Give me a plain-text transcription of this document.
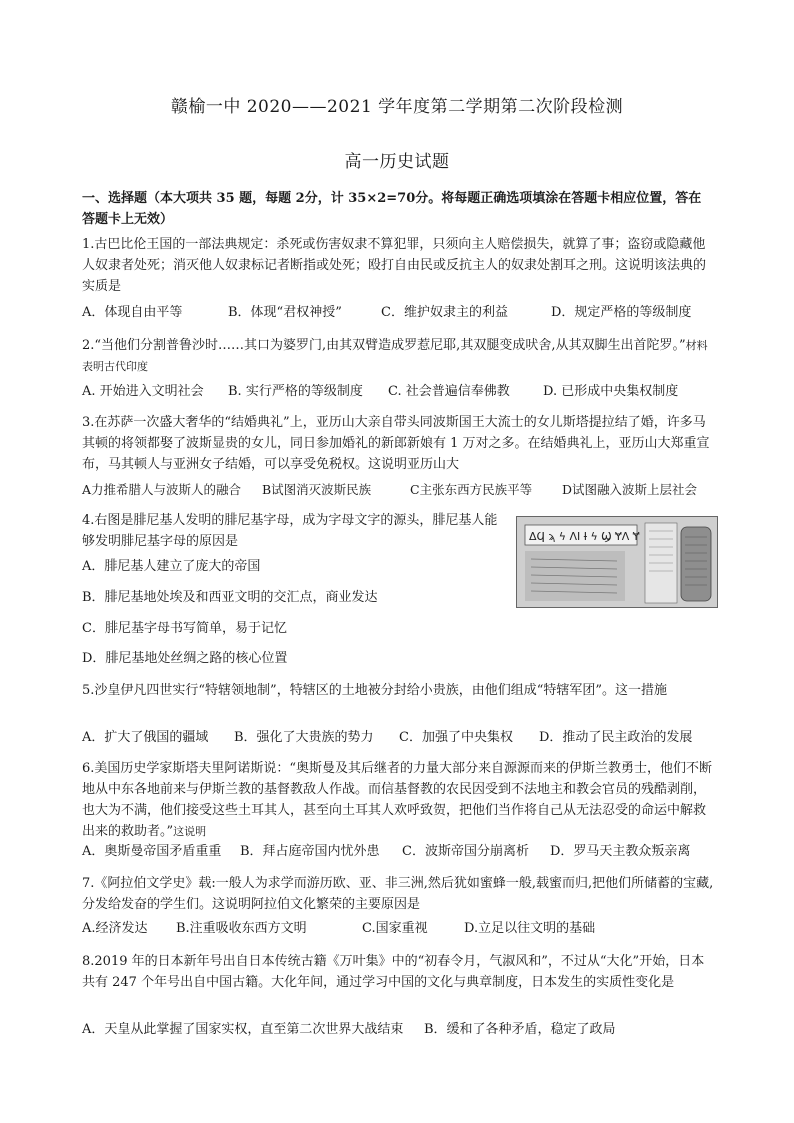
赣榆一中 2020——2021 学年度第二学期第二次阶段检测
高一历史试题
一、选择题（本大项共 35 题，每题 2分，计 35×2=70分。将每题正确选项填涂在答题卡相应位置，答在答题卡上无效）
1.古巴比伦王国的一部法典规定：杀死或伤害奴隶不算犯罪，只须向主人赔偿损失，就算了事；盗窃或隐藏他人奴隶者处死；消灭他人奴隶标记者断指或处死；殴打自由民或反抗主人的奴隶处割耳之刑。这说明该法典的实质是
A．体现自由平等	B．体现“君权神授”	C．维护奴隶主的利益	D．规定严格的等级制度
2.“当他们分割普鲁沙时……其口为婆罗门,由其双臂造成罗惹尼耶,其双腿变成吠舍,从其双脚生出首陀罗。”材料表明古代印度
A. 开始进入文明社会	B. 实行严格的等级制度	C. 社会普遍信奉佛教	D. 已形成中央集权制度
3.在苏萨一次盛大奢华的“结婚典礼”上，亚历山大亲自带头同波斯国王大流士的女儿斯塔提拉结了婚，许多马其顿的将领都娶了波斯显贵的女儿，同日参加婚礼的新郎新娘有 1 万对之多。在结婚典礼上，亚历山大郑重宣布，马其顿人与亚洲女子结婚，可以享受免税权。这说明亚历山大
A力推希腊人与波斯人的融合	B试图消灭波斯民族	C主张东西方民族平等	D试图融入波斯上层社会
4.右图是腓尼基人发明的腓尼基字母，成为字母文字的源头，腓尼基人能够发明腓尼基字母的原因是
A．腓尼基人建立了庞大的帝国
B．腓尼基地处埃及和西亚文明的交汇点，商业发达
C．腓尼基字母书写简单，易于记忆
D．腓尼基地处丝绸之路的核心位置
ΔϤ ϡ ϟ ΛΙ Ɨ ϟ Ϣ ɎΛ Ɏ
5.沙皇伊凡四世实行“特辖领地制”，特辖区的土地被分封给小贵族，由他们组成“特辖军团”。这一措施
A．扩大了俄国的疆域	B．强化了大贵族的势力	C．加强了中央集权	D．推动了民主政治的发展
6.美国历史学家斯塔夫里阿诺斯说：“奥斯曼及其后继者的力量大部分来自源源而来的伊斯兰教勇士，他们不断地从中东各地前来与伊斯兰教的基督教敌人作战。而信基督教的农民因受到不法地主和教会官员的残酷剥削，也大为不满，他们接受这些土耳其人，甚至向土耳其人欢呼致贺，把他们当作将自己从无法忍受的命运中解救出来的救助者。”这说明
A．奥斯曼帝国矛盾重重	B．拜占庭帝国内忧外患	C．波斯帝国分崩离析	D．罗马天主教众叛亲离
7.《阿拉伯文学史》载:一般人为求学而游历欧、亚、非三洲,然后犹如蜜蜂一般,载蜜而归,把他们所储蓄的宝藏,分发给发奋的学生们。这说明阿拉伯文化繁荣的主要原因是
A.经济发达	B.注重吸收东西方文明	C.国家重视	D.立足以往文明的基础
8.2019 年的日本新年号出自日本传统古籍《万叶集》中的“初春令月，气淑风和”，不过从“大化”开始，日本共有 247 个年号出自中国古籍。大化年间，通过学习中国的文化与典章制度，日本发生的实质性变化是
A．天皇从此掌握了国家实权，直至第二次世界大战结束	B．缓和了各种矛盾，稳定了政局
